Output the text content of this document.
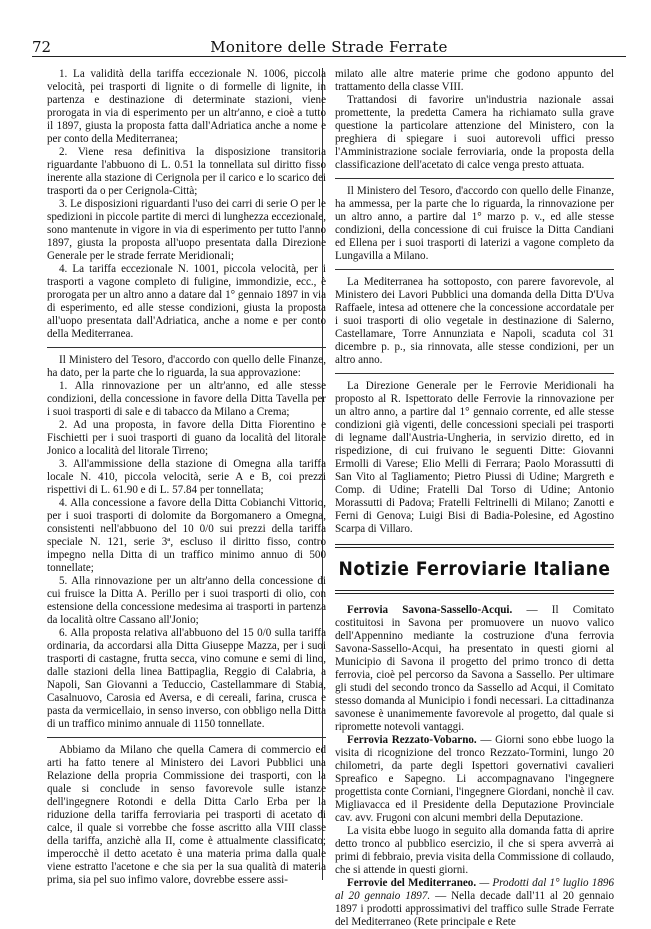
72	Monitore delle Strade Ferrate

1. La validità della tariffa eccezionale N. 1006, piccola velocità, pei trasporti di lignite o di formelle di lignite, in partenza e destinazione di determinate stazioni, viene prorogata in via di esperimento per un altr'anno, e cioè a tutto il 1897, giusta la proposta fatta dall'Adriatica anche a nome e per conto della Mediterranea;

2. Viene resa definitiva la disposizione transitoria riguardante l'abbuono di L. 0.51 la tonnellata sul diritto fisso inerente alla stazione di Cerignola per il carico e lo scarico dei trasporti da o per Cerignola-Città;

3. Le disposizioni riguardanti l'uso dei carri di serie O per le spedizioni in piccole partite di merci di lunghezza eccezionale, sono mantenute in vigore in via di esperimento per tutto l'anno 1897, giusta la proposta all'uopo presentata dalla Direzione Generale per le strade ferrate Meridionali;

4. La tariffa eccezionale N. 1001, piccola velocità, per i trasporti a vagone completo di fuligine, immondizie, ecc., è prorogata per un altro anno a datare dal 1° gennaio 1897 in via di esperimento, ed alle stesse condizioni, giusta la proposta all'uopo presentata dall'Adriatica, anche a nome e per conto della Mediterranea.

Il Ministero del Tesoro, d'accordo con quello delle Finanze, ha dato, per la parte che lo riguarda, la sua approvazione:

1. Alla rinnovazione per un altr'anno, ed alle stesse condizioni, della concessione in favore della Ditta Tavella per i suoi trasporti di sale e di tabacco da Milano a Crema;

2. Ad una proposta, in favore della Ditta Fiorentino e Fischietti per i suoi trasporti di guano da località del litorale Jonico a località del litorale Tirreno;

3. All'ammissione della stazione di Omegna alla tariffa locale N. 410, piccola velocità, serie A e B, coi prezzi rispettivi di L. 61.90 e di L. 57.84 per tonnellata;

4. Alla concessione a favore della Ditta Cobianchi Vittorio, per i suoi trasporti di dolomite da Borgomanero a Omegna, consistenti nell'abbuono del 10 0/0 sui prezzi della tariffa speciale N. 121, serie 3ª, escluso il diritto fisso, contro impegno nella Ditta di un traffico minimo annuo di 500 tonnellate;

5. Alla rinnovazione per un altr'anno della concessione di cui fruisce la Ditta A. Perillo per i suoi trasporti di olio, con estensione della concessione medesima ai trasporti in partenza da località oltre Cassano all'Jonio;

6. Alla proposta relativa all'abbuono del 15 0/0 sulla tariffa ordinaria, da accordarsi alla Ditta Giuseppe Mazza, per i suoi trasporti di castagne, frutta secca, vino comune e semi di lino, dalle stazioni della linea Battipaglia, Reggio di Calabria, a Napoli, San Giovanni a Teduccio, Castellammare di Stabia, Casalnuovo, Carosia ed Aversa, e di cereali, farina, crusca e pasta da vermicellaio, in senso inverso, con obbligo nella Ditta di un traffico minimo annuale di 1150 tonnellate.

Abbiamo da Milano che quella Camera di commercio ed arti ha fatto tenere al Ministero dei Lavori Pubblici una Relazione della propria Commissione dei trasporti, con la quale si conclude in senso favorevole sulle istanze dell'ingegnere Rotondi e della Ditta Carlo Erba per la riduzione della tariffa ferroviaria pei trasporti di acetato di calce, il quale si vorrebbe che fosse ascritto alla VIII classe della tariffa, anzichè alla II, come è attualmente classificato; imperocchè il detto acetato è una materia prima dalla quale viene estratto l'acetone e che sia per la sua qualità di materia prima, sia pel suo infimo valore, dovrebbe essere assi-

milato alle altre materie prime che godono appunto del trattamento della classe VIII.

Trattandosi di favorire un'industria nazionale assai promettente, la predetta Camera ha richiamato sulla grave questione la particolare attenzione del Ministero, con la preghiera di spiegare i suoi autorevoli uffici presso l'Amministrazione sociale ferroviaria, onde la proposta della classificazione dell'acetato di calce venga presto attuata.

Il Ministero del Tesoro, d'accordo con quello delle Finanze, ha ammessa, per la parte che lo riguarda, la rinnovazione per un altro anno, a partire dal 1° marzo p. v., ed alle stesse condizioni, della concessione di cui fruisce la Ditta Candiani ed Ellena per i suoi trasporti di laterizi a vagone completo da Lungavilla a Milano.

La Mediterranea ha sottoposto, con parere favorevole, al Ministero dei Lavori Pubblici una domanda della Ditta D'Uva Raffaele, intesa ad ottenere che la concessione accordatale per i suoi trasporti di olio vegetale in destinazione di Salerno, Castellamare, Torre Annunziata e Napoli, scaduta col 31 dicembre p. p., sia rinnovata, alle stesse condizioni, per un altro anno.

La Direzione Generale per le Ferrovie Meridionali ha proposto al R. Ispettorato delle Ferrovie la rinnovazione per un altro anno, a partire dal 1° gennaio corrente, ed alle stesse condizioni già vigenti, delle concessioni speciali pei trasporti di legname dall'Austria-Ungheria, in servizio diretto, ed in rispedizione, di cui fruivano le seguenti Ditte: Giovanni Ermolli di Varese; Elio Melli di Ferrara; Paolo Morassutti di San Vito al Tagliamento; Pietro Piussi di Udine; Margreth e Comp. di Udine; Fratelli Dal Torso di Udine; Antonio Morassutti di Padova; Fratelli Feltrinelli di Milano; Zanotti e Ferni di Genova; Luigi Bisi di Badia-Polesine, ed Agostino Scarpa di Villaro.

Notizie Ferroviarie Italiane

Ferrovia Savona-Sassello-Acqui. — Il Comitato costituitosi in Savona per promuovere un nuovo valico dell'Appennino mediante la costruzione d'una ferrovia Savona-Sassello-Acqui, ha presentato in questi giorni al Municipio di Savona il progetto del primo tronco di detta ferrovia, cioè pel percorso da Savona a Sassello. Per ultimare gli studi del secondo tronco da Sassello ad Acqui, il Comitato stesso domanda al Municipio i fondi necessari. La cittadinanza savonese è unanimemente favorevole al progetto, dal quale si ripromette notevoli vantaggi.

Ferrovia Rezzato-Vobarno. — Giorni sono ebbe luogo la visita di ricognizione del tronco Rezzato-Tormini, lungo 20 chilometri, da parte degli Ispettori governativi cavalieri Spreafico e Sapegno. Li accompagnavano l'ingegnere progettista conte Corniani, l'ingegnere Giordani, nonchè il cav. Migliavacca ed il Presidente della Deputazione Provinciale cav. avv. Frugoni con alcuni membri della Deputazione.

La visita ebbe luogo in seguito alla domanda fatta di aprire detto tronco al pubblico esercizio, il che si spera avverrà ai primi di febbraio, previa visita della Commissione di collaudo, che si attende in questi giorni.

Ferrovie del Mediterraneo. — Prodotti dal 1° luglio 1896 al 20 gennaio 1897. — Nella decade dall'11 al 20 gennaio 1897 i prodotti approssimativi del traffico sulle Strade Ferrate del Mediterraneo (Rete principale e Rete
